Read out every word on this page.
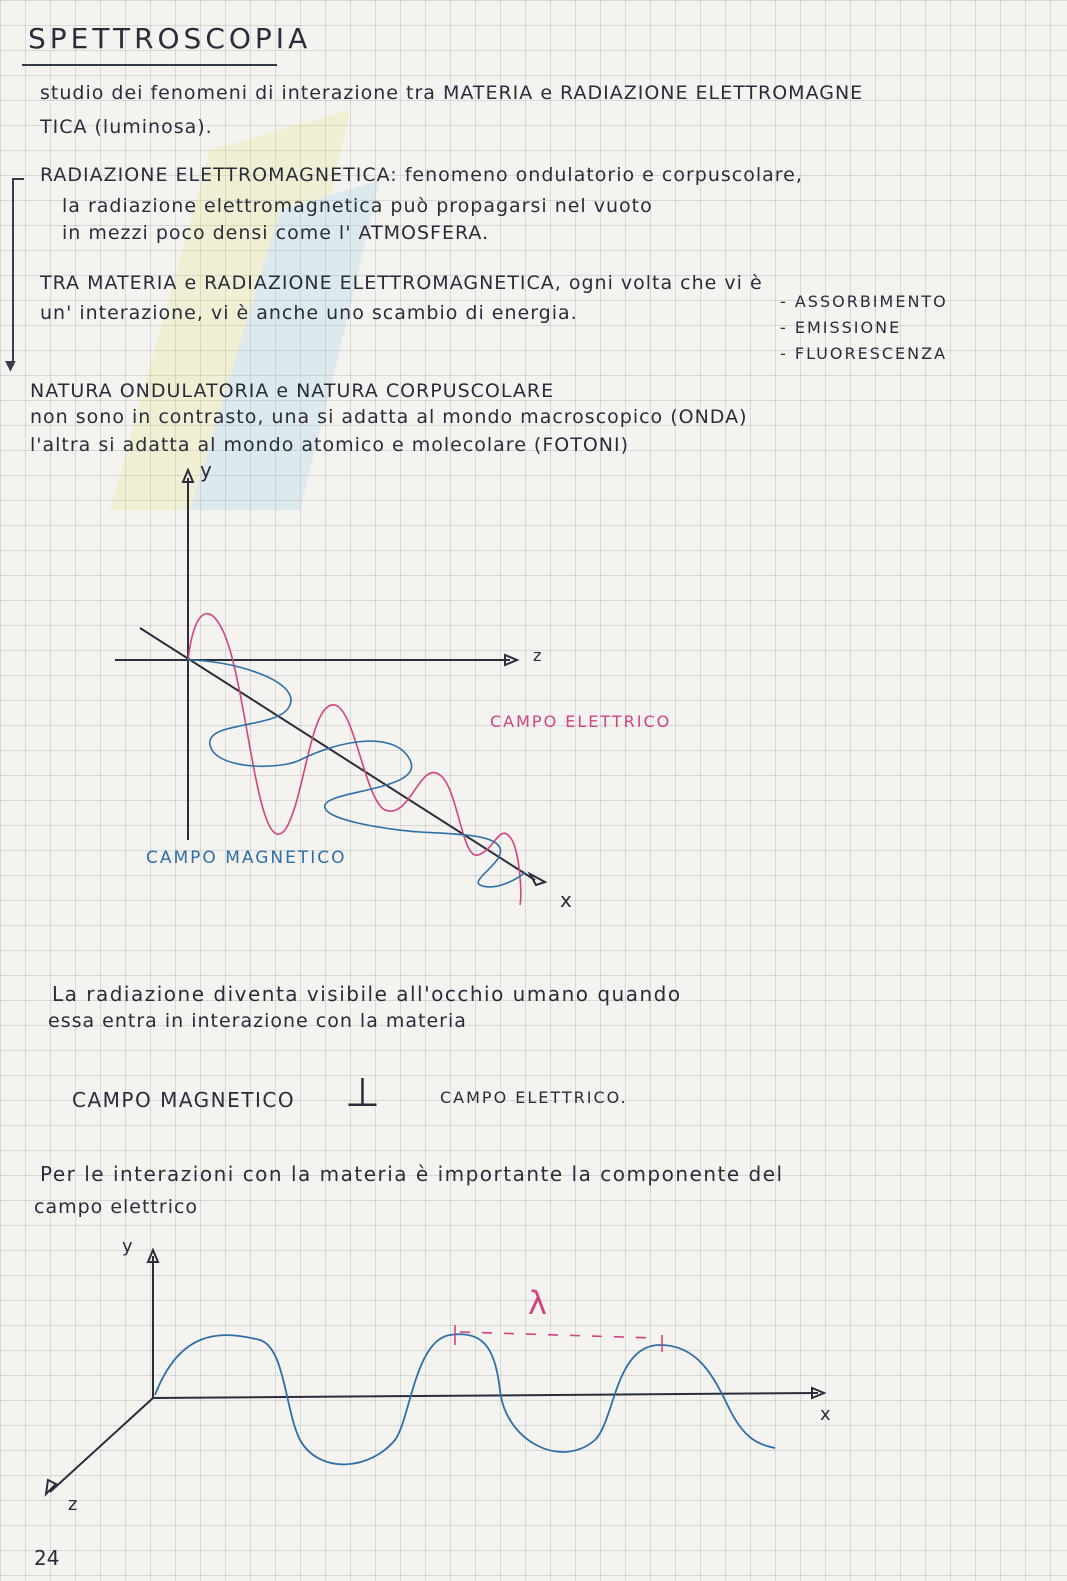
SPETTROSCOPIA
studio dei fenomeni di interazione tra MATERIA e RADIAZIONE ELETTROMAGNE
TICA (luminosa).
▼
RADIAZIONE ELETTROMAGNETICA: fenomeno ondulatorio e corpuscolare,
la radiazione elettromagnetica può propagarsi nel vuoto
in mezzi poco densi come l' ATMOSFERA.
TRA MATERIA e RADIAZIONE ELETTROMAGNETICA, ogni volta che vi è
un' interazione, vi è anche uno scambio di energia.
- ASSORBIMENTO
- EMISSIONE
- FLUORESCENZA
NATURA ONDULATORIA e NATURA CORPUSCOLARE
non sono in contrasto, una si adatta al mondo macroscopico (ONDA)
l'altra si adatta al mondo atomico e molecolare (FOTONI)
y
z
x
CAMPO ELETTRICO
CAMPO MAGNETICO
La radiazione diventa visibile all'occhio umano quando
essa entra in interazione con la materia
CAMPO MAGNETICO ⊥	CAMPO ELETTRICO.
Per le interazioni con la materia è importante la componente del
campo elettrico
y
x
z
λ
24
